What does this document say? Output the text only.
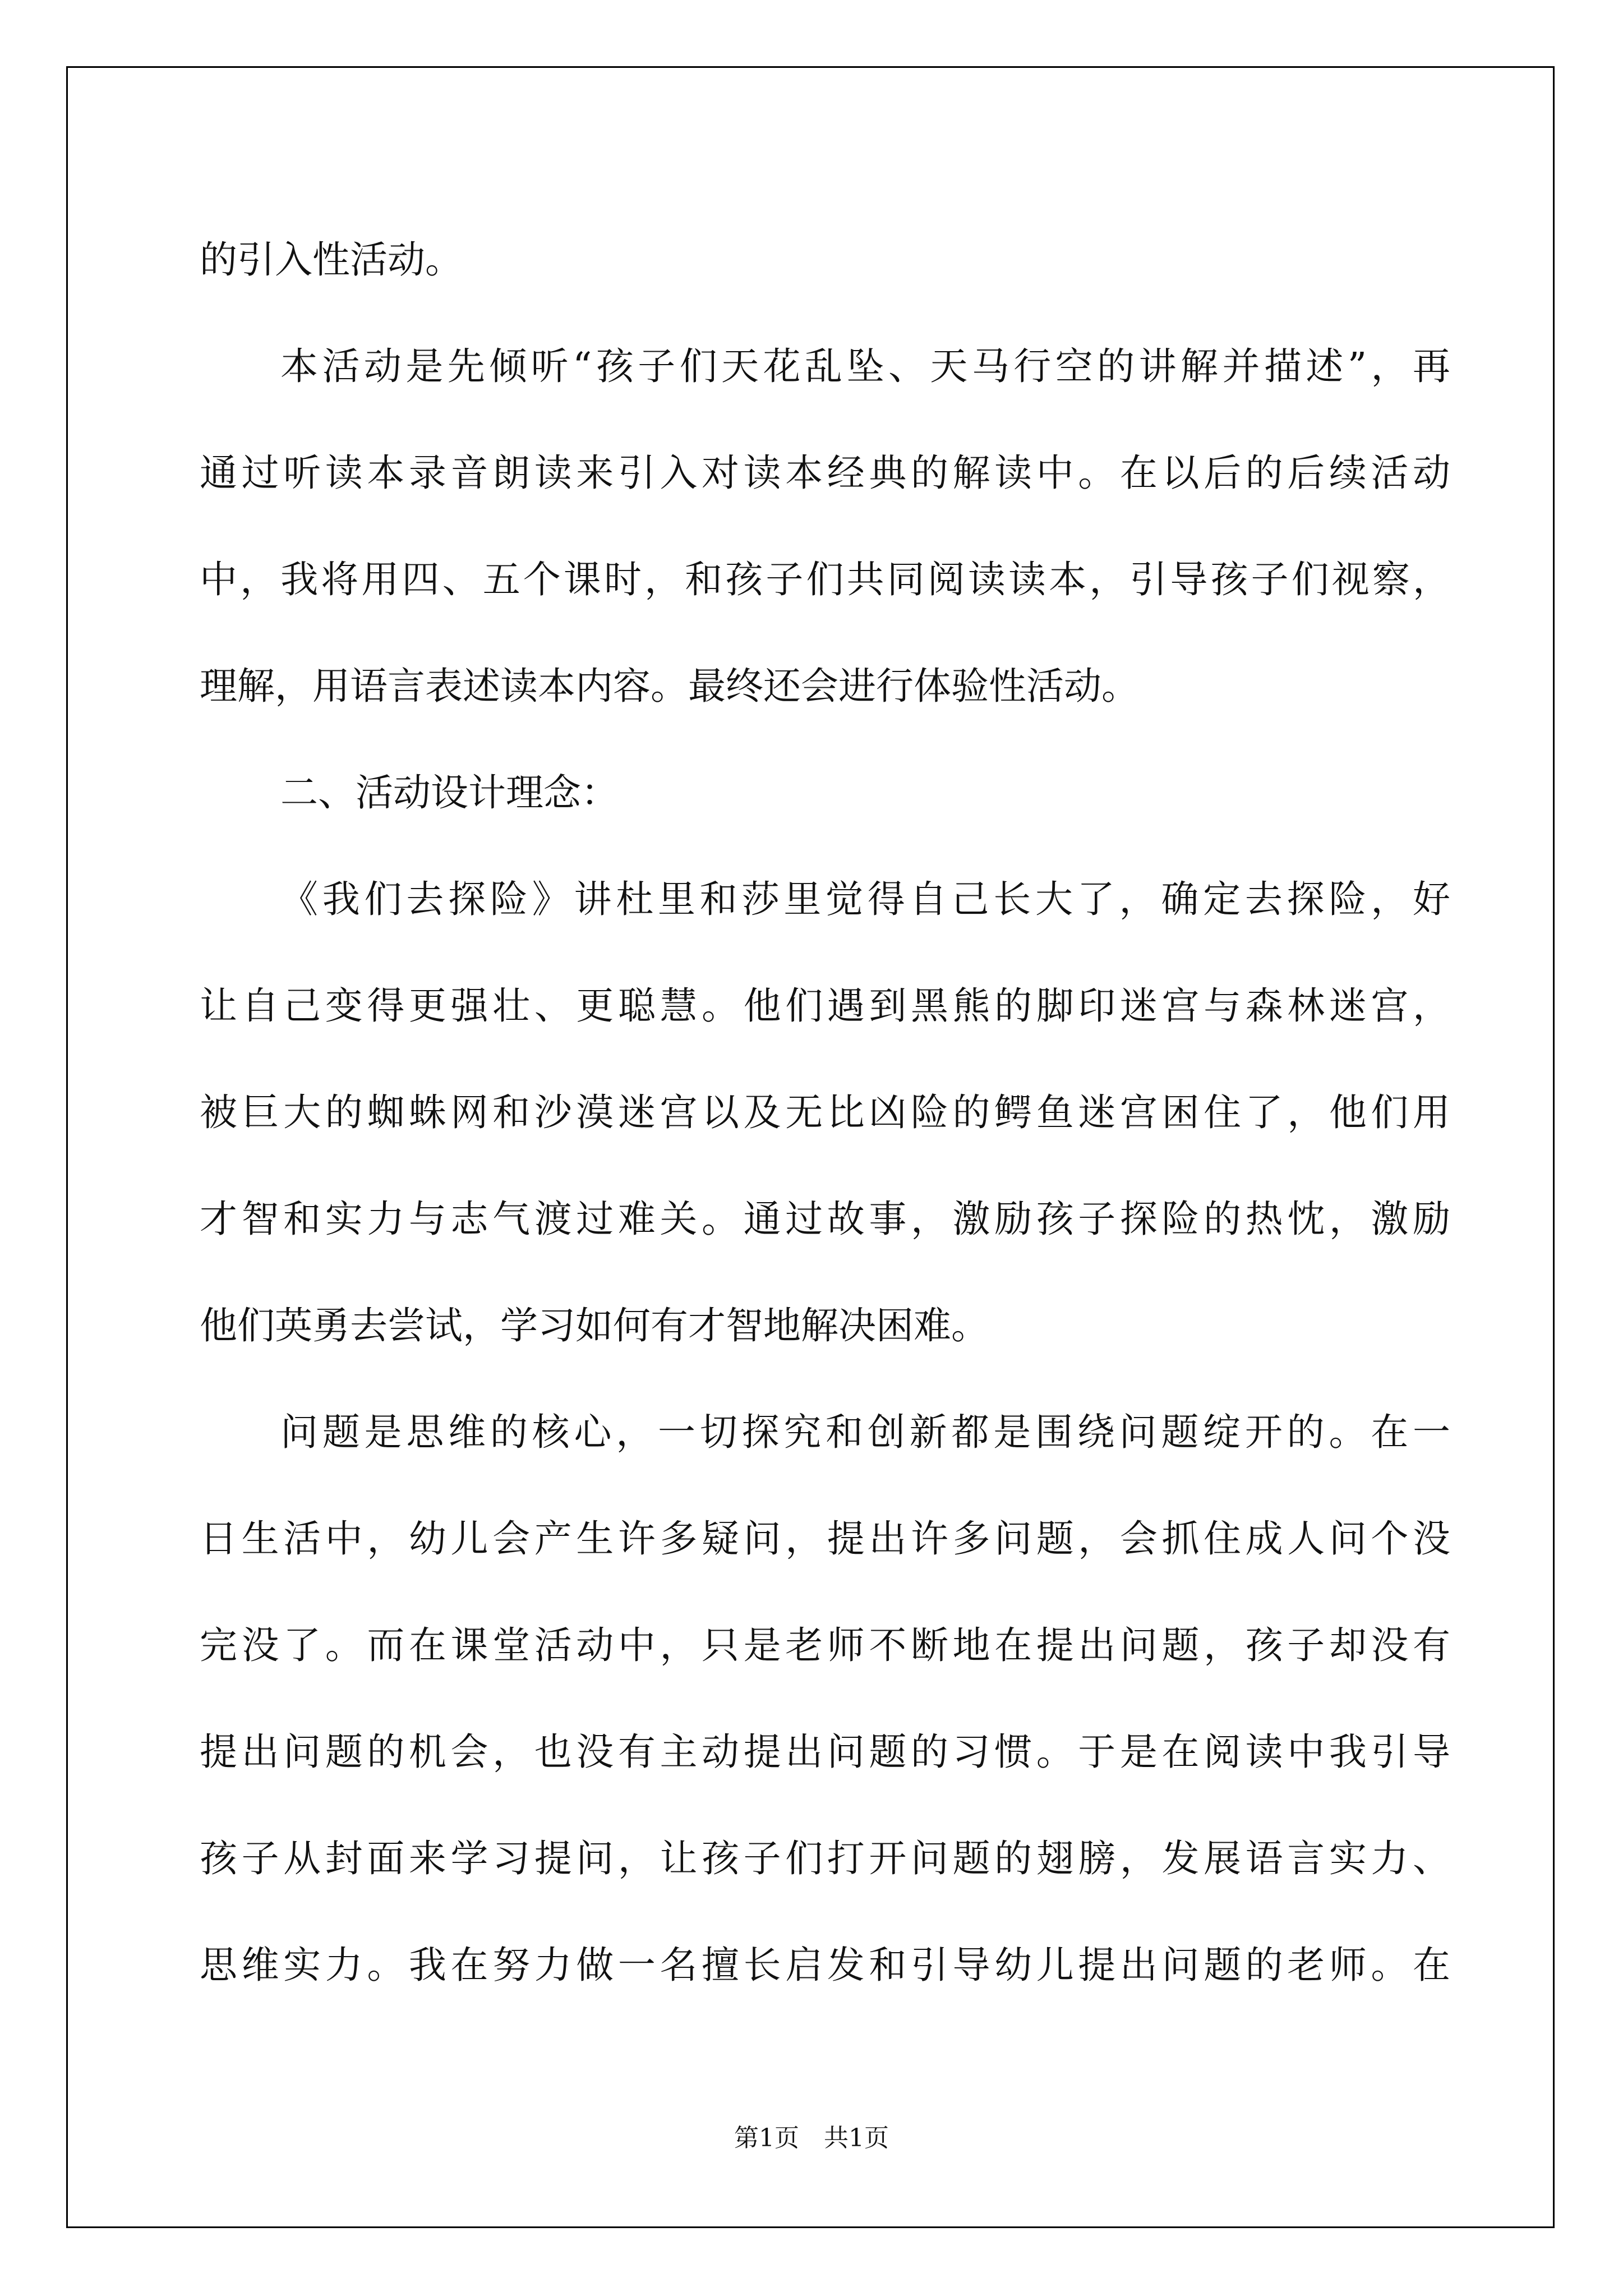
的引入性活动。
本活动是先倾听“孩子们天花乱坠、天马行空的讲解并描述”，再
通过听读本录音朗读来引入对读本经典的解读中。在以后的后续活动
中，我将用四、五个课时，和孩子们共同阅读读本，引导孩子们视察，
理解，用语言表述读本内容。最终还会进行体验性活动。
二、活动设计理念：
《我们去探险》讲杜里和莎里觉得自己长大了，确定去探险，好
让自己变得更强壮、更聪慧。他们遇到黑熊的脚印迷宫与森林迷宫，
被巨大的蜘蛛网和沙漠迷宫以及无比凶险的鳄鱼迷宫困住了，他们用
才智和实力与志气渡过难关。通过故事，激励孩子探险的热忱，激励
他们英勇去尝试，学习如何有才智地解决困难。
问题是思维的核心，一切探究和创新都是围绕问题绽开的。在一
日生活中，幼儿会产生许多疑问，提出许多问题，会抓住成人问个没
完没了。而在课堂活动中，只是老师不断地在提出问题，孩子却没有
提出问题的机会，也没有主动提出问题的习惯。于是在阅读中我引导
孩子从封面来学习提问，让孩子们打开问题的翅膀，发展语言实力、
思维实力。我在努力做一名擅长启发和引导幼儿提出问题的老师。在
第1页　共1页
